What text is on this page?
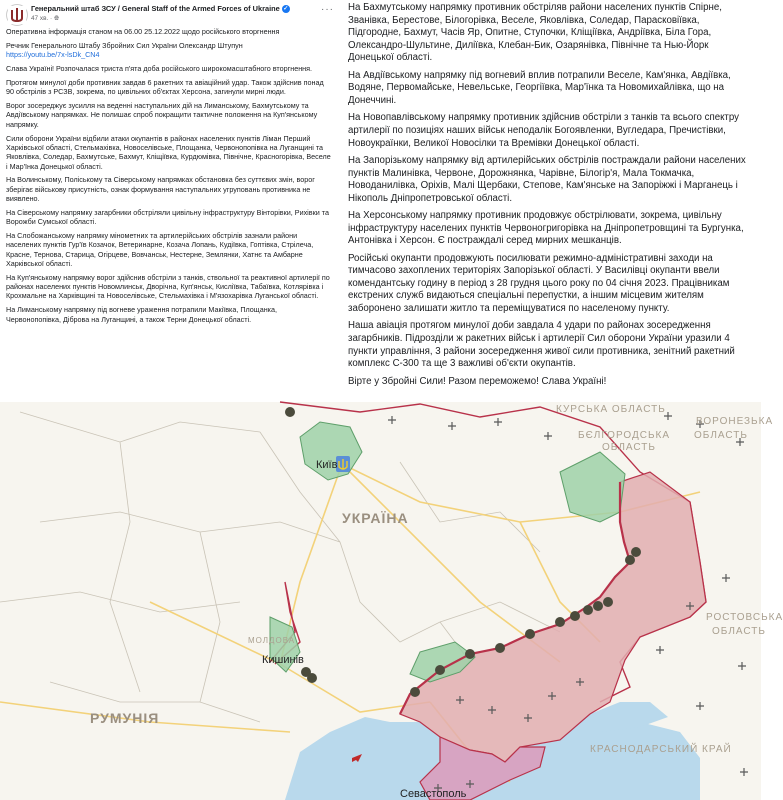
Генеральний штаб ЗСУ / General Staff of the Armed Forces of Ukraine ✓
47 хв. · 🌐︎
···

Оперативна інформація станом на 06.00 25.12.2022 щодо російського вторгнення

Речник Генерального Штабу Збройних Сил України Олександр Штупун

https://youtu.be/7x-lsDk_CN4

Слава Україні! Розпочалася триста п'ята доба російського широкомасштабного вторгнення.

Протягом минулої доби противник завдав 6 ракетних та авіаційний удар. Також здійснив понад 90 обстрілів з РСЗВ, зокрема, по цивільних об'єктах Херсона, загинули мирні люди.

Ворог зосереджує зусилля на веденні наступальних дій на Лиманському, Бахмутському та Авдіївському напрямках. Не полишає спроб покращити тактичне положення на Куп'янському напрямку.

Сили оборони України відбили атаки окупантів в районах населених пунктів Ліман Перший Харківської області, Стельмахівка, Новоселівське, Площанка, Червонопопівка на Луганщині та Яковлівка, Соледар, Бахмутське, Бахмут, Кліщіївка, Курдюмівка, Північне, Красногорівка, Веселе і Мар'їнка Донецької області.

На Волинському, Поліському та Сіверському напрямках обстановка без суттєвих змін, ворог зберігає військову присутність, ознак формування наступальних угруповань противника не виявлено.

На Сіверському напрямку загарбники обстріляли цивільну інфраструктуру Вінторівки, Рихівки та Ворожби Сумської області.

На Слобожанському напрямку мінометних та артилерійських обстрілів зазнали райони населених пунктів Гур'їв Козачок, Ветеринарне, Козача Лопань, Кудіївка, Гоптівка, Стрілеча, Красне, Тернова, Старица, Огірцеве, Вовчанськ, Нестерне, Землянки, Хатнє та Амбарне Харківської області.

На Куп'янському напрямку ворог здійснив обстріли з танків, ствольної та реактивної артилерії по районах населених пунктів Новомлинськ, Дворічна, Куп'янськ, Кисліївка, Табаївка, Котлярівка і Крохмальне на Харківщині та Новоселівське, Стельмахівка і М'язохарівка Луганської області.

На Лиманському напрямку під вогневе ураження потрапили Макіївка, Площанка, Червонопопівка, Діброва на Луганщині, а також Терни Донецької області.

На Бахмутському напрямку противник обстріляв райони населених пунктів Спірне, Званівка, Берестове, Білогорівка, Веселе, Яковлівка, Соледар, Парасковіївка, Підгородне, Бахмут, Часів Яр, Опитне, Ступочки, Кліщіївка, Андріївка, Біла Гора, Олександро-Шультине, Диліївка, Клебан-Бик, Озарянівка, Північне та Нью-Йорк Донецької області.

На Авдіївському напрямку під вогневий вплив потрапили Веселе, Кам'янка, Авдіївка, Водяне, Первомайське, Невельське, Георгіївка, Мар'їнка та Новомихайлівка, що на Донеччині.

На Новопавлівському напрямку противник здійснив обстріли з танків та всього спектру артилерії по позиціях наших військ неподалік Богоявленки, Вугледара, Пречистівки, Новоукраїнки, Великої Новосілки та Времівки Донецької області.

На Запорізькому напрямку від артилерійських обстрілів постраждали райони населених пунктів Малинівка, Червоне, Дорожнянка, Чарівне, Білогір'я, Мала Токмачка, Новоданилівка, Оріхів, Малі Щербаки, Степове, Кам'янське на Запоріжжі і Марганець і Нікополь Дніпропетровської області.

На Херсонському напрямку противник продовжує обстрілювати, зокрема, цивільну інфраструктуру населених пунктів Червоногригорівка на Дніпропетровщині та Бургунка, Антонівка і Херсон. Є постраждалі серед мирних мешканців.

Російські окупанти продовжують посилювати режимно-адміністративні заходи на тимчасово захоплених територіях Запорізької області. У Василівці окупанти ввели комендантську годину в період з 28 грудня цього року по 04 січня 2023. Працівникам екстрених служб видаються спеціальні перепустки, а іншим місцевим жителям заборонено залишати житло та переміщуватися по населеному пункту.

Наша авіація протягом минулої доби завдала 4 удари по районах зосередження загарбників. Підрозділи ж ракетних військ і артилерії Сил оборони України уразили 4 пункти управління, 3 райони зосередження живої сили противника, зенітний ракетний комплекс С-300 та ще 3 важливі об'єкти окупантів.

Вірте у Збройні Сили! Разом переможемо! Слава Україні!

УКРАЇНА
РУМУНІЯ
МОЛДОВА
Київ
Кишинів
Севастополь
КУРСЬКА ОБЛАСТЬ
БЄЛГОРОДСЬКА
ОБЛАСТЬ
ВОРОНЕЗЬКА
ОБЛАСТЬ
РОСТОВСЬКА
ОБЛАСТЬ
КРАСНОДАРСЬКИЙ КРАЙ
